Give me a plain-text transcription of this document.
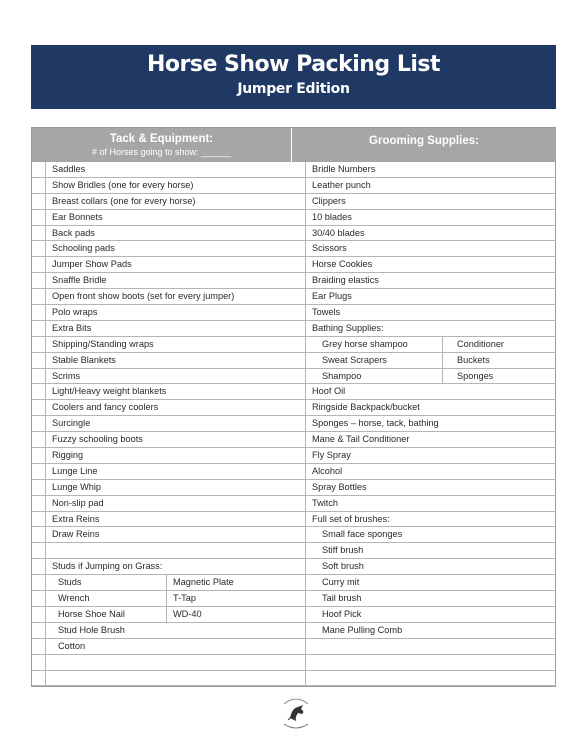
Horse Show Packing List
Jumper Edition
Tack & Equipment:
# of Horses going to show: ______
Grooming Supplies:
Saddles
Show Bridles (one for every horse)
Breast collars (one for every horse)
Ear Bonnets
Back pads
Schooling pads
Jumper Show Pads
Snaffle Bridle
Open front show boots (set for every jumper)
Polo wraps
Extra Bits
Shipping/Standing wraps
Stable Blankets
Scrims
Light/Heavy weight blankets
Coolers and fancy coolers
Surcingle
Fuzzy schooling boots
Rigging
Lunge Line
Lunge Whip
Non-slip pad
Extra Reins
Draw Reins
Studs if Jumping on Grass:
Studs	Magnetic Plate
Wrench	T-Tap
Horse Shoe Nail	WD-40
Stud Hole Brush
Cotton
Bridle Numbers
Leather punch
Clippers
10 blades
30/40 blades
Scissors
Horse Cookies
Braiding elastics
Ear Plugs
Towels
Bathing Supplies:
Grey horse shampoo	Conditioner
Sweat Scrapers	Buckets
Shampoo	Sponges
Hoof Oil
Ringside Backpack/bucket
Sponges – horse, tack, bathing
Mane & Tail Conditioner
Fly Spray
Alcohol
Spray Bottles
Twitch
Full set of brushes:
Small face sponges
Stiff brush
Soft brush
Curry mit
Tail brush
Hoof Pick
Mane Pulling Comb
